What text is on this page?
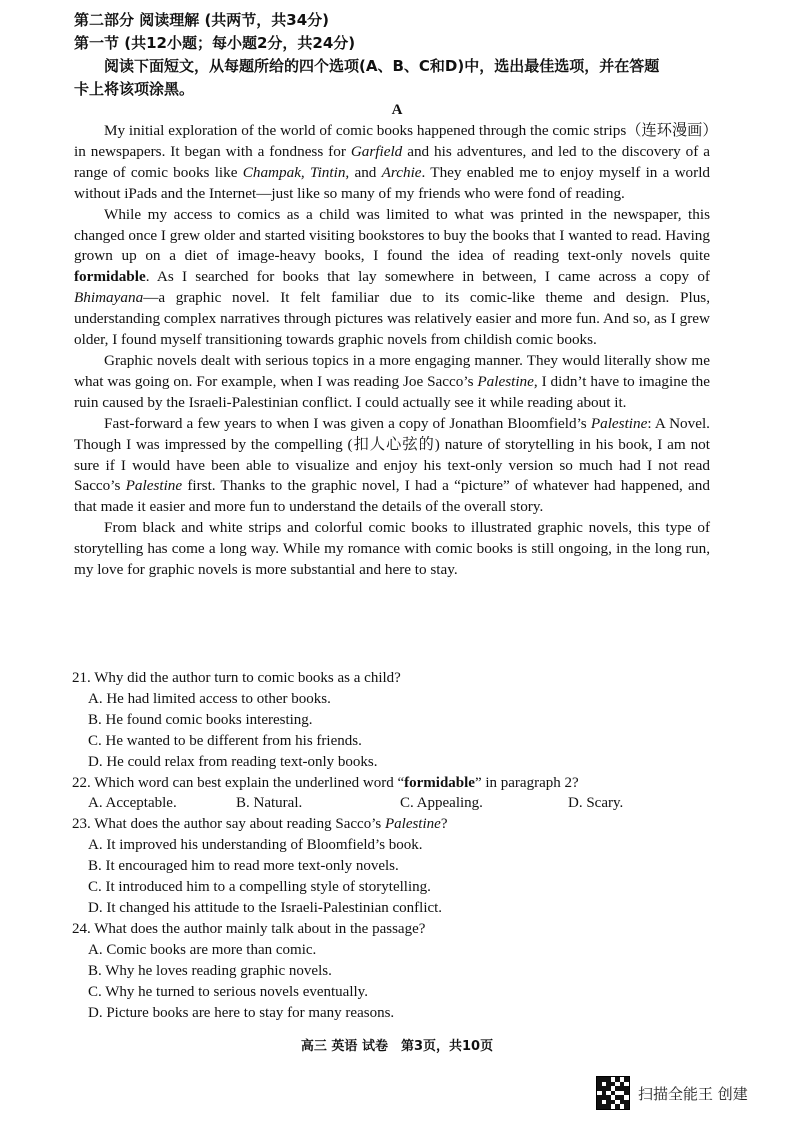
第二部分 阅读理解 (共两节，共34分)
第一节 (共12小题；每小题2分，共24分)
阅读下面短文，从每题所给的四个选项(A、B、C和D)中，选出最佳选项，并在答题
卡上将该项涂黑。
A

My initial exploration of the world of comic books happened through the comic strips（连环漫画）in newspapers. It began with a fondness for Garfield and his adventures, and led to the discovery of a range of comic books like Champak, Tintin, and Archie. They enabled me to enjoy myself in a world without iPads and the Internet—just like so many of my friends who were fond of reading.

While my access to comics as a child was limited to what was printed in the newspaper, this changed once I grew older and started visiting bookstores to buy the books that I wanted to read. Having grown up on a diet of image-heavy books, I found the idea of reading text-only novels quite formidable. As I searched for books that lay somewhere in between, I came across a copy of Bhimayana—a graphic novel. It felt familiar due to its comic-like theme and design. Plus, understanding complex narratives through pictures was relatively easier and more fun. And so, as I grew older, I found myself transitioning towards graphic novels from childish comic books.

Graphic novels dealt with serious topics in a more engaging manner. They would literally show me what was going on. For example, when I was reading Joe Sacco’s Palestine, I didn’t have to imagine the ruin caused by the Israeli-Palestinian conflict. I could actually see it while reading about it.

Fast-forward a few years to when I was given a copy of Jonathan Bloomfield’s Palestine: A Novel. Though I was impressed by the compelling (扣人心弦的) nature of storytelling in his book, I am not sure if I would have been able to visualize and enjoy his text-only version so much had I not read Sacco’s Palestine first. Thanks to the graphic novel, I had a “picture” of whatever had happened, and that made it easier and more fun to understand the details of the overall story.

From black and white strips and colorful comic books to illustrated graphic novels, this type of storytelling has come a long way. While my romance with comic books is still ongoing, in the long run, my love for graphic novels is more substantial and here to stay.

21. Why did the author turn to comic books as a child?

A. He had limited access to other books.

B. He found comic books interesting.

C. He wanted to be different from his friends.

D. He could relax from reading text-only books.

22. Which word can best explain the underlined word “formidable” in paragraph 2?

A. Acceptable.	B. Natural.	C. Appealing.	D. Scary.

23. What does the author say about reading Sacco’s Palestine?

A. It improved his understanding of Bloomfield’s book.

B. It encouraged him to read more text-only novels.

C. It introduced him to a compelling style of storytelling.

D. It changed his attitude to the Israeli-Palestinian conflict.

24. What does the author mainly talk about in the passage?

A. Comic books are more than comic.

B. Why he loves reading graphic novels.

C. Why he turned to serious novels eventually.

D. Picture books are here to stay for many reasons.

高三 英语 试卷　第3页，共10页
扫描全能王 创建
